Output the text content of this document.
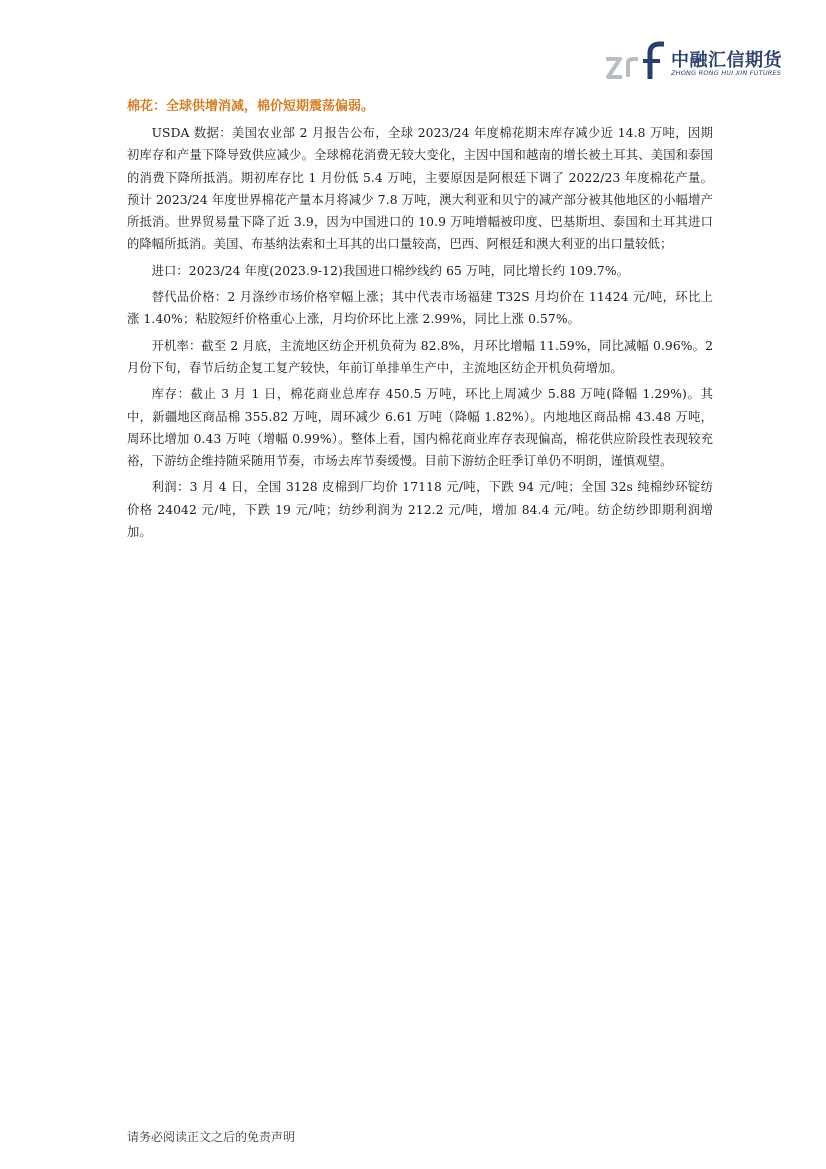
中融汇信期货
ZHONG RONG HUI XIN FUTURES
棉花：全球供增消减，棉价短期震荡偏弱。

USDA 数据：美国农业部 2 月报告公布，全球 2023/24 年度棉花期末库存减少近 14.8 万吨，因期初库存和产量下降导致供应减少。全球棉花消费无较大变化，主因中国和越南的增长被土耳其、美国和泰国的消费下降所抵消。期初库存比 1 月份低 5.4 万吨，主要原因是阿根廷下调了 2022/23 年度棉花产量。预计 2023/24 年度世界棉花产量本月将减少 7.8 万吨，澳大利亚和贝宁的减产部分被其他地区的小幅增产所抵消。世界贸易量下降了近 3.9，因为中国进口的 10.9 万吨增幅被印度、巴基斯坦、泰国和土耳其进口的降幅所抵消。美国、布基纳法索和土耳其的出口量较高，巴西、阿根廷和澳大利亚的出口量较低；

进口：2023/24 年度(2023.9-12)我国进口棉纱线约 65 万吨，同比增长约 109.7%。

替代品价格：2 月涤纱市场价格窄幅上涨；其中代表市场福建 T32S 月均价在 11424 元/吨，环比上涨 1.40%；粘胶短纤价格重心上涨，月均价环比上涨 2.99%，同比上涨 0.57%。

开机率：截至 2 月底，主流地区纺企开机负荷为 82.8%，月环比增幅 11.59%，同比减幅 0.96%。2 月份下旬，春节后纺企复工复产较快，年前订单排单生产中，主流地区纺企开机负荷增加。

库存：截止 3 月 1 日，棉花商业总库存 450.5 万吨，环比上周减少 5.88 万吨(降幅 1.29%)。其中，新疆地区商品棉 355.82 万吨，周环减少 6.61 万吨（降幅 1.82%）。内地地区商品棉 43.48 万吨，周环比增加 0.43 万吨（增幅 0.99%）。整体上看，国内棉花商业库存表现偏高，棉花供应阶段性表现较充裕，下游纺企维持随采随用节奏，市场去库节奏缓慢。目前下游纺企旺季订单仍不明朗，谨慎观望。

利润：3 月 4 日，全国 3128 皮棉到厂均价 17118 元/吨，下跌 94 元/吨；全国 32s 纯棉纱环锭纺价格 24042 元/吨，下跌 19 元/吨；纺纱利润为 212.2 元/吨，增加 84.4 元/吨。纺企纺纱即期利润增加。

请务必阅读正文之后的免责声明
